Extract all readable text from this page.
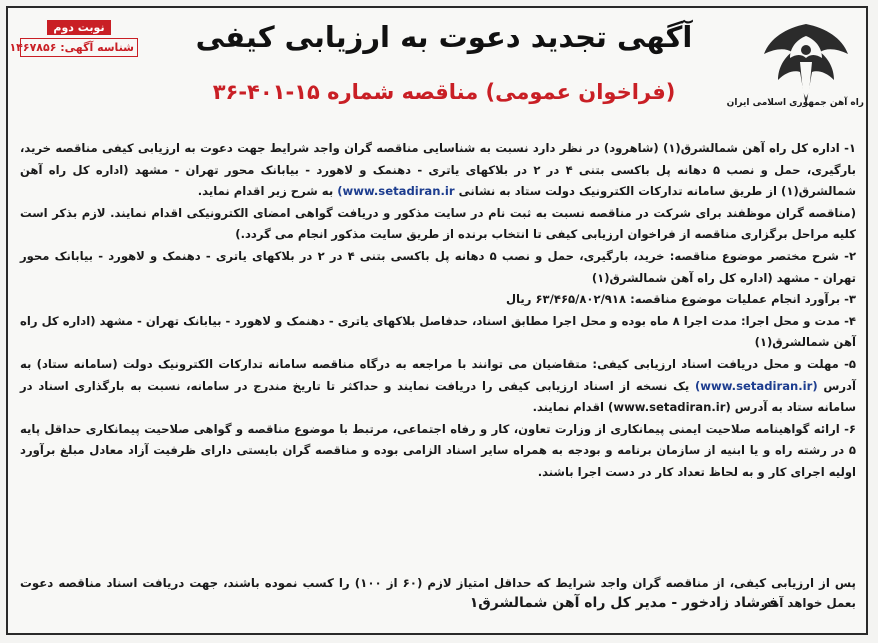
راه آهن جمهوری اسلامی ایران
نوبت دوم
شناسه آگهی: ۱۴۶۷۸۵۶	آگهی تجدید دعوت به ارزیابی کیفی
(فراخوان عمومی) مناقصه شماره ۱۵-۴۰۱-۳۶

۱- اداره کل راه آهن شمالشرق(۱) (شاهرود) در نظر دارد نسبت به شناسایی مناقصه گران واجد شرایط جهت دعوت به ارزیابی کیفی مناقصه خرید، بارگیری، حمل و نصب ۵ دهانه پل باکسی بتنی ۴ در ۲ در بلاکهای یاتری - دهنمک و لاهورد - بیابانک محور تهران - مشهد (اداره کل راه آهن شمالشرق(۱) از طریق سامانه تدارکات الکترونیک دولت ستاد به نشانی (www.setadiran.ir به شرح زیر اقدام نماید.

(مناقصه گران موظفند برای شرکت در مناقصه نسبت به ثبت نام در سایت مذکور و دریافت گواهی امضای الکترونیکی اقدام نمایند. لازم بذکر است کلیه مراحل برگزاری مناقصه از فراخوان ارزیابی کیفی تا انتخاب برنده از طریق سایت مذکور انجام می گردد.)

۲- شرح مختصر موضوع مناقصه: خرید، بارگیری، حمل و نصب ۵ دهانه پل باکسی بتنی ۴ در ۲ در بلاکهای یاتری - دهنمک و لاهورد - بیابانک محور تهران - مشهد (اداره کل راه آهن شمالشرق(۱)

۳- برآورد انجام عملیات موضوع مناقصه: ۶۳/۴۶۵/۸۰۲/۹۱۸ ریال

۴- مدت و محل اجرا: مدت اجرا ۸ ماه بوده و محل اجرا مطابق اسناد، حدفاصل بلاکهای یاتری - دهنمک و لاهورد - بیابانک تهران - مشهد (اداره کل راه آهن شمالشرق(۱)

۵- مهلت و محل دریافت اسناد ارزیابی کیفی: متقاضیان می توانند با مراجعه به درگاه مناقصه سامانه تدارکات الکترونیک دولت (سامانه ستاد) به آدرس (www.setadiran.ir) یک نسخه از اسناد ارزیابی کیفی را دریافت نمایند و حداکثر تا تاریخ مندرج در سامانه، نسبت به بارگذاری اسناد در سامانه ستاد به آدرس (www.setadiran.ir) اقدام نمایند.

۶- ارائه گواهینامه صلاحیت ایمنی پیمانکاری از وزارت تعاون، کار و رفاه اجتماعی، مرتبط با موضوع مناقصه و گواهی صلاحیت پیمانکاری حداقل پایه ۵ در رشته راه و یا ابنیه از سازمان برنامه و بودجه به همراه سایر اسناد الزامی بوده و مناقصه گران بایستی دارای ظرفیت آزاد معادل مبلغ برآورد اولیه اجرای کار و به لحاظ تعداد کار در دست اجرا باشند.

پس از ارزیابی کیفی، از مناقصه گران واجد شرایط که حداقل امتیاز لازم (۶۰ از ۱۰۰) را کسب نموده باشند، جهت دریافت اسناد مناقصه دعوت بعمل خواهد آمد.
فرشاد زادخور - مدیر کل راه آهن شمالشرق۱
